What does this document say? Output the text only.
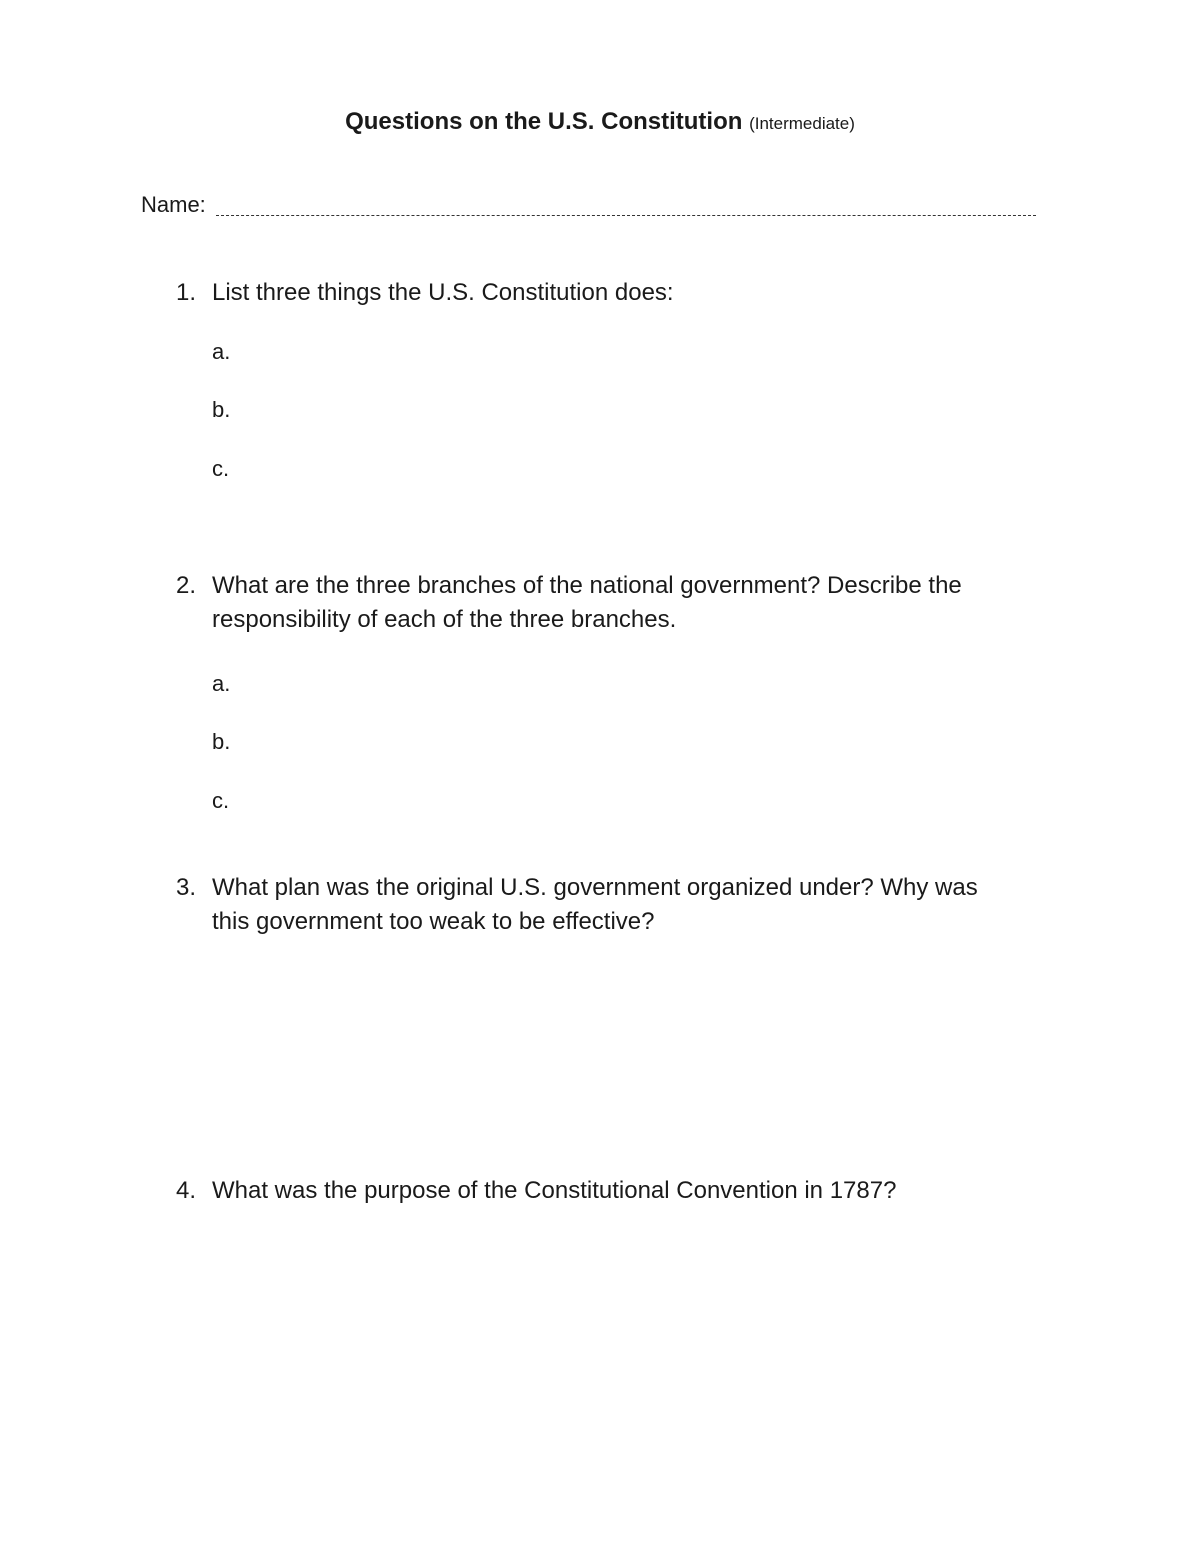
Questions on the U.S. Constitution (Intermediate)
Name:
1. List three things the U.S. Constitution does:
a.
b.
c.
2. What are the three branches of the national government? Describe the
responsibility of each of the three branches.
a.
b.
c.
3. What plan was the original U.S. government organized under? Why was
this government too weak to be effective?
4. What was the purpose of the Constitutional Convention in 1787?
